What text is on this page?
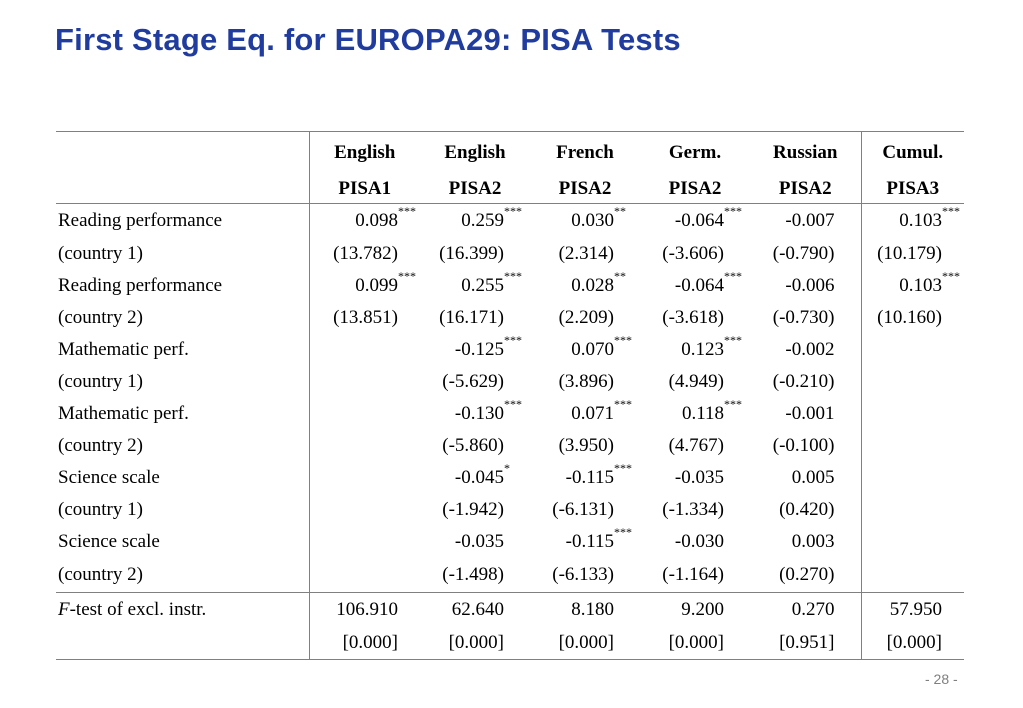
First Stage Eq. for EUROPA29: PISA Tests
	English	English	French	Germ.	Russian	Cumul.
	PISA1	PISA2	PISA2	PISA2	PISA2	PISA3
Reading performance	0.098***	0.259***	0.030**	-0.064***	-0.007	0.103***
(country 1)	(13.782)	(16.399)	(2.314)	(-3.606)	(-0.790)	(10.179)
Reading performance	0.099***	0.255***	0.028**	-0.064***	-0.006	0.103***
(country 2)	(13.851)	(16.171)	(2.209)	(-3.618)	(-0.730)	(10.160)
Mathematic perf.		-0.125***	0.070***	0.123***	-0.002	
(country 1)		(-5.629)	(3.896)	(4.949)	(-0.210)	
Mathematic perf.		-0.130***	0.071***	0.118***	-0.001	
(country 2)		(-5.860)	(3.950)	(4.767)	(-0.100)	
Science scale		-0.045*	-0.115***	-0.035	0.005	
(country 1)		(-1.942)	(-6.131)	(-1.334)	(0.420)	
Science scale		-0.035	-0.115***	-0.030	0.003	
(country 2)		(-1.498)	(-6.133)	(-1.164)	(0.270)	
F-test of excl. instr.	106.910	62.640	8.180	9.200	0.270	57.950
	[0.000]	[0.000]	[0.000]	[0.000]	[0.951]	[0.000]
- 28 -
